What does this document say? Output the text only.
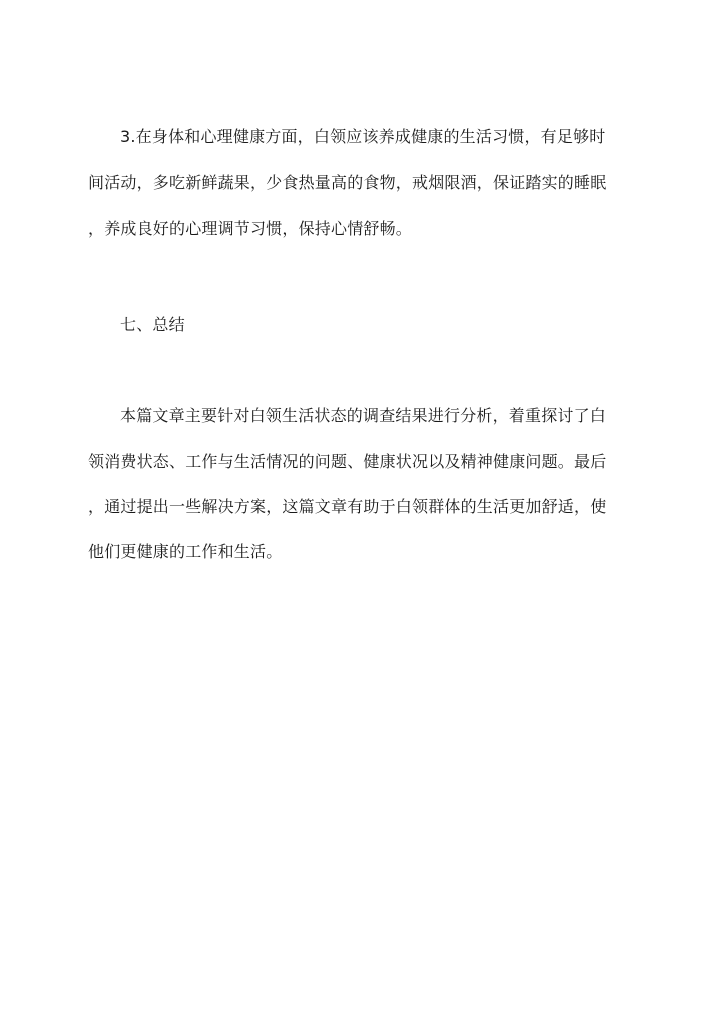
3.在身体和心理健康方面，白领应该养成健康的生活习惯，有足够时
间活动，多吃新鲜蔬果，少食热量高的食物，戒烟限酒，保证踏实的睡眠
，养成良好的心理调节习惯，保持心情舒畅。
七、总结
本篇文章主要针对白领生活状态的调查结果进行分析，着重探讨了白
领消费状态、工作与生活情况的问题、健康状况以及精神健康问题。最后
，通过提出一些解决方案，这篇文章有助于白领群体的生活更加舒适，使
他们更健康的工作和生活。
